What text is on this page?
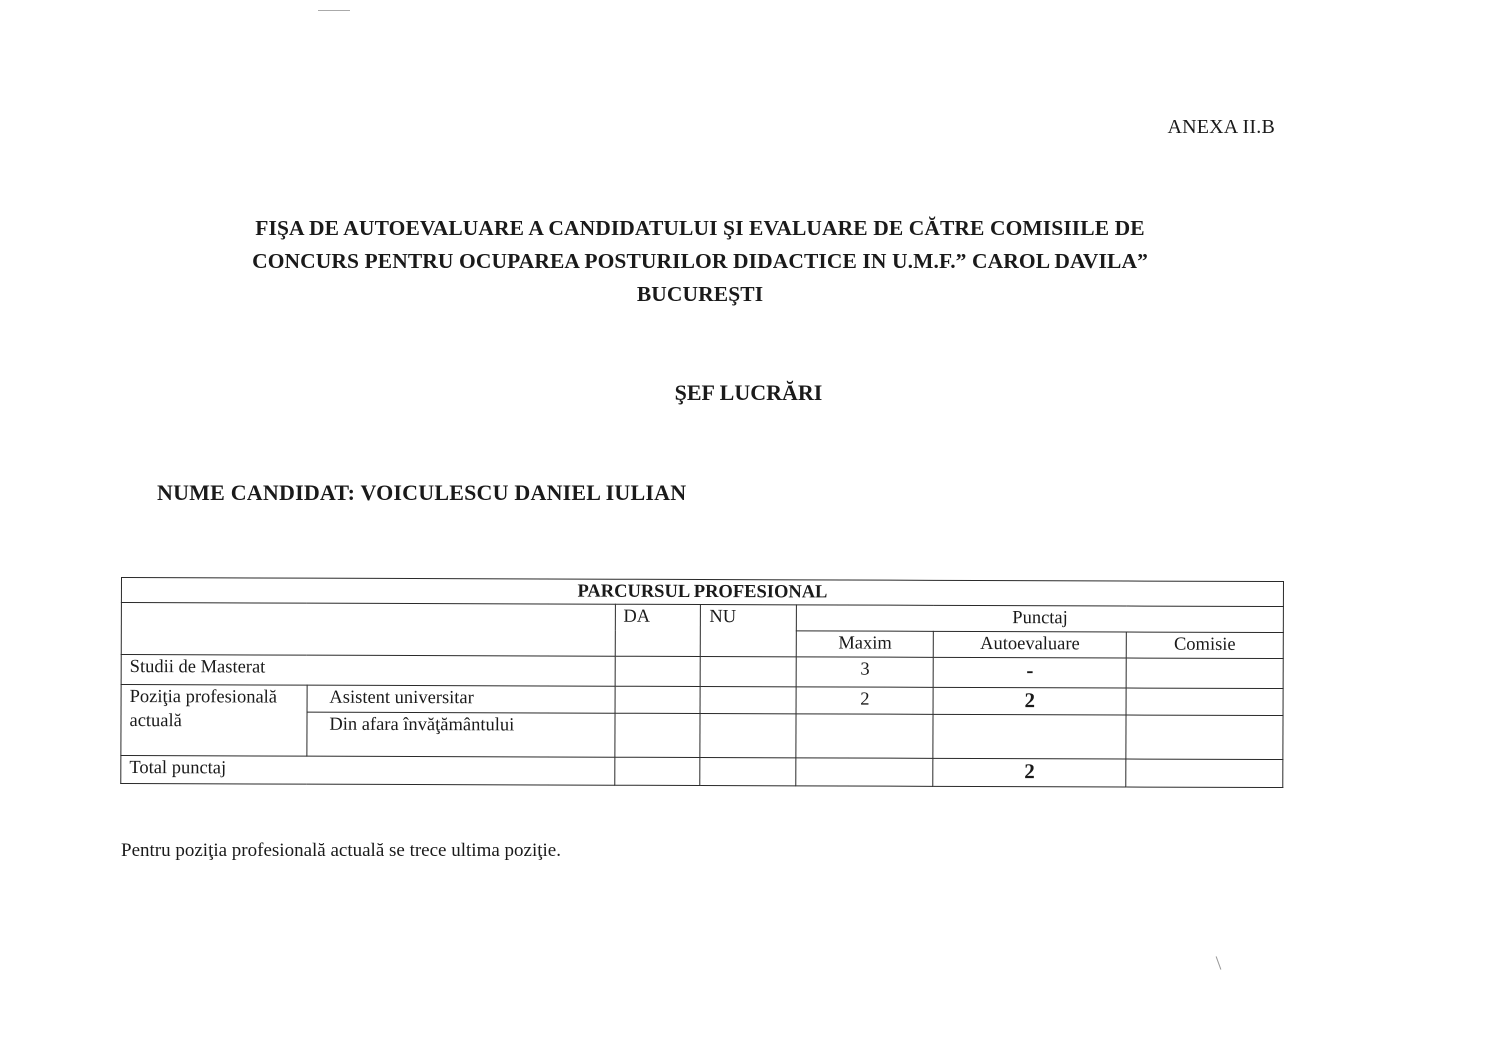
ANEXA II.B
FIŞA DE AUTOEVALUARE A CANDIDATULUI ŞI EVALUARE DE CĂTRE COMISIILE DE
CONCURS PENTRU OCUPAREA POSTURILOR DIDACTICE IN U.M.F.” CAROL DAVILA”
BUCUREŞTI
ŞEF LUCRĂRI
NUME CANDIDAT: VOICULESCU DANIEL IULIAN
PARCURSUL PROFESIONAL						
		DA	NU	Punctaj		
				Maxim	Autoevaluare	Comisie
Studii de Masterat				3	-	
Poziţia profesională actuală	Asistent universitar			2	2	
	Din afara învăţământului					
Total punctaj					2	
Pentru poziţia profesională actuală se trece ultima poziţie.
